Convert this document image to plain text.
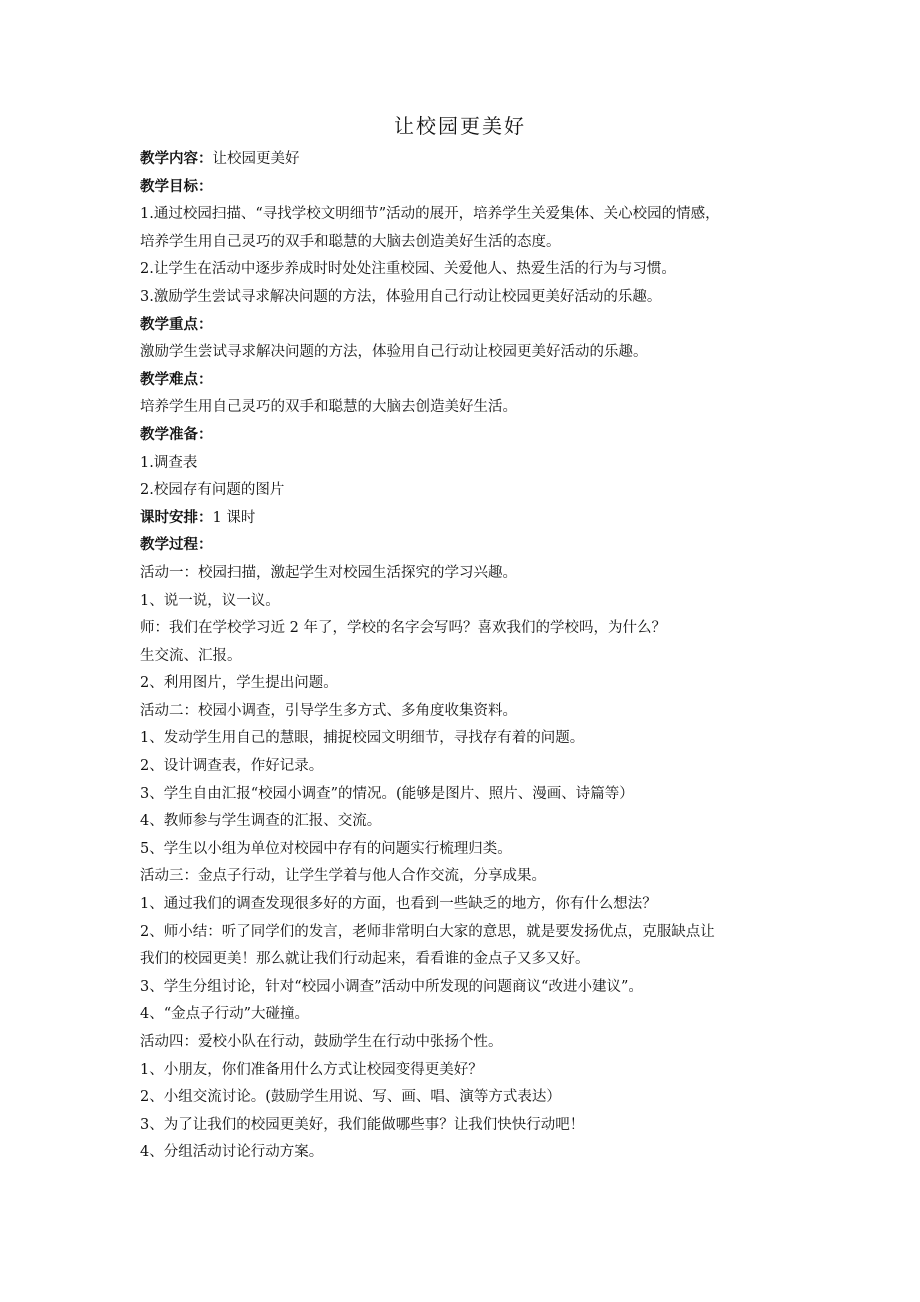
让校园更美好
教学内容：让校园更美好
教学目标：
1.通过校园扫描、“寻找学校文明细节”活动的展开，培养学生关爱集体、关心校园的情感，
培养学生用自己灵巧的双手和聪慧的大脑去创造美好生活的态度。
2.让学生在活动中逐步养成时时处处注重校园、关爱他人、热爱生活的行为与习惯。
3.激励学生尝试寻求解决问题的方法，体验用自己行动让校园更美好活动的乐趣。
教学重点：
激励学生尝试寻求解决问题的方法，体验用自己行动让校园更美好活动的乐趣。
教学难点：
培养学生用自己灵巧的双手和聪慧的大脑去创造美好生活。
教学准备：
1.调查表
2.校园存有问题的图片
课时安排：1 课时
教学过程：
活动一：校园扫描，激起学生对校园生活探究的学习兴趣。
1、说一说，议一议。
师：我们在学校学习近 2 年了，学校的名字会写吗？喜欢我们的学校吗，为什么？
生交流、汇报。
2、利用图片，学生提出问题。
活动二：校园小调查，引导学生多方式、多角度收集资料。
1、发动学生用自己的慧眼，捕捉校园文明细节，寻找存有着的问题。
2、设计调查表，作好记录。
3、学生自由汇报“校园小调查”的情况。(能够是图片、照片、漫画、诗篇等）
4、教师参与学生调查的汇报、交流。
5、学生以小组为单位对校园中存有的问题实行梳理归类。
活动三：金点子行动，让学生学着与他人合作交流，分享成果。
1、通过我们的调查发现很多好的方面，也看到一些缺乏的地方，你有什么想法？
2、师小结：听了同学们的发言，老师非常明白大家的意思，就是要发扬优点，克服缺点让
我们的校园更美！那么就让我们行动起来，看看谁的金点子又多又好。
3、学生分组讨论，针对“校园小调查”活动中所发现的问题商议“改进小建议”。
4、“金点子行动”大碰撞。
活动四：爱校小队在行动，鼓励学生在行动中张扬个性。
1、小朋友，你们准备用什么方式让校园变得更美好？
2、小组交流讨论。(鼓励学生用说、写、画、唱、演等方式表达）
3、为了让我们的校园更美好，我们能做哪些事？让我们快快行动吧！
4、分组活动讨论行动方案。
